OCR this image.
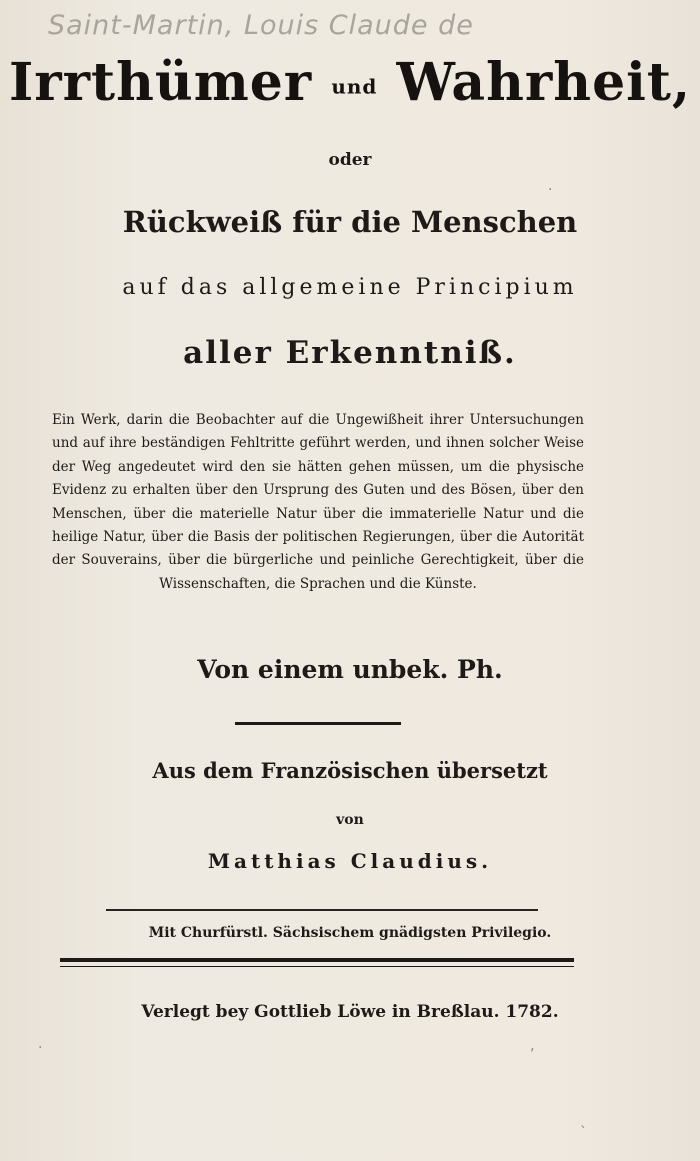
Saint-Martin, Louis Claude de
Irrthümer und Wahrheit,
oder
Rückweiß für die Menschen
auf das allgemeine Principium
aller Erkenntniß.
Ein Werk, darin die Beobachter auf die Ungewißheit ihrer Untersuchungen und auf ihre beständigen Fehltritte geführt werden, und ihnen solcher Weise der Weg angedeutet wird den sie hätten gehen müssen, um die physische Evidenz zu erhalten über den Ursprung des Guten und des Bösen, über den Menschen, über die materielle Natur über die immaterielle Natur und die heilige Natur, über die Basis der politischen Regierungen, über die Autorität der Souverains, über die bürgerliche und peinliche Gerechtigkeit, über die Wissenschaften, die Sprachen und die Künste.
Von einem unbek. Ph.
Aus dem Französischen übersetzt
von
Matthias Claudius.
Mit Churfürstl. Sächsischem gnädigsten Privilegio.
Verlegt bey Gottlieb Löwe in Breßlau. 1782.
·
·	‚
ˋ
